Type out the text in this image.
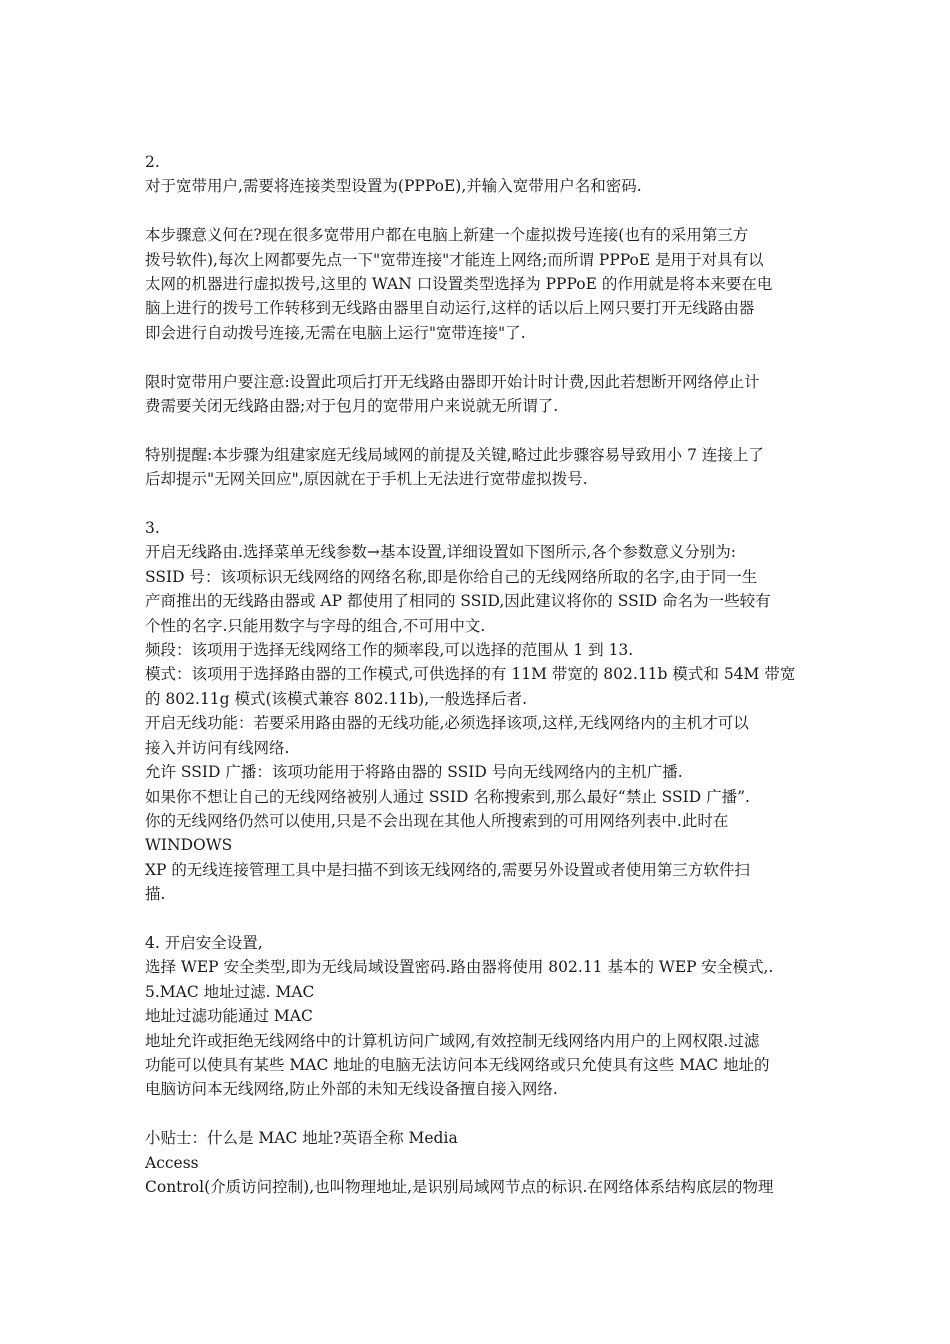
2.
对于宽带用户,需要将连接类型设置为(PPPoE),并输入宽带用户名和密码.
本步骤意义何在?现在很多宽带用户都在电脑上新建一个虚拟拨号连接(也有的采用第三方
拨号软件),每次上网都要先点一下"宽带连接"才能连上网络;而所谓 PPPoE 是用于对具有以
太网的机器进行虚拟拨号,这里的 WAN 口设置类型选择为 PPPoE 的作用就是将本来要在电
脑上进行的拨号工作转移到无线路由器里自动运行,这样的话以后上网只要打开无线路由器
即会进行自动拨号连接,无需在电脑上运行"宽带连接"了.
限时宽带用户要注意:设置此项后打开无线路由器即开始计时计费,因此若想断开网络停止计
费需要关闭无线路由器;对于包月的宽带用户来说就无所谓了.
特别提醒:本步骤为组建家庭无线局域网的前提及关键,略过此步骤容易导致用小 7 连接上了
后却提示"无网关回应",原因就在于手机上无法进行宽带虚拟拨号.
3.
开启无线路由.选择菜单无线参数→基本设置,详细设置如下图所示,各个参数意义分别为:
SSID 号：该项标识无线网络的网络名称,即是你给自己的无线网络所取的名字,由于同一生
产商推出的无线路由器或 AP 都使用了相同的 SSID,因此建议将你的 SSID 命名为一些较有
个性的名字.只能用数字与字母的组合,不可用中文.
频段：该项用于选择无线网络工作的频率段,可以选择的范围从 1 到 13.
模式：该项用于选择路由器的工作模式,可供选择的有 11M 带宽的 802.11b 模式和 54M 带宽
的 802.11g 模式(该模式兼容 802.11b),一般选择后者.
开启无线功能：若要采用路由器的无线功能,必须选择该项,这样,无线网络内的主机才可以
接入并访问有线网络.
允许 SSID 广播：该项功能用于将路由器的 SSID 号向无线网络内的主机广播.
如果你不想让自己的无线网络被别人通过 SSID 名称搜索到,那么最好“禁止 SSID 广播”.
你的无线网络仍然可以使用,只是不会出现在其他人所搜索到的可用网络列表中.此时在
WINDOWS
XP 的无线连接管理工具中是扫描不到该无线网络的,需要另外设置或者使用第三方软件扫
描.
4. 开启安全设置,
选择 WEP 安全类型,即为无线局域设置密码.路由器将使用 802.11 基本的 WEP 安全模式,.
5.MAC 地址过滤. MAC
地址过滤功能通过 MAC
地址允许或拒绝无线网络中的计算机访问广域网,有效控制无线网络内用户的上网权限.过滤
功能可以使具有某些 MAC 地址的电脑无法访问本无线网络或只允使具有这些 MAC 地址的
电脑访问本无线网络,防止外部的未知无线设备擅自接入网络.
小贴士：什么是 MAC 地址?英语全称 Media
Access
Control(介质访问控制),也叫物理地址,是识别局域网节点的标识.在网络体系结构底层的物理
